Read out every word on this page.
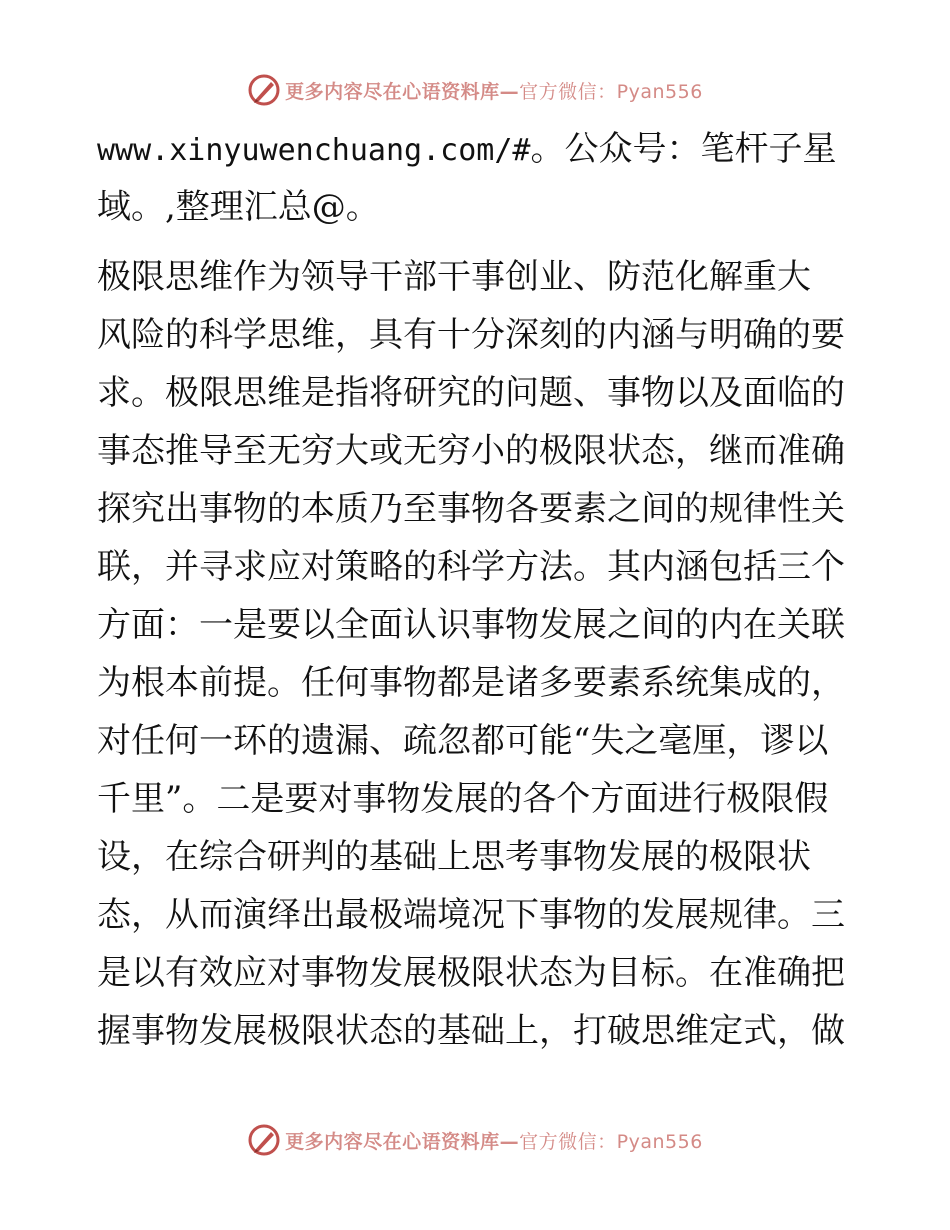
更多内容尽在心语资料库—官方微信：Pyan556
www.xinyuwenchuang.com/#。公众号：笔杆子星
域。,整理汇总@。
极限思维作为领导干部干事创业、防范化解重大
风险的科学思维，具有十分深刻的内涵与明确的要
求。极限思维是指将研究的问题、事物以及面临的
事态推导至无穷大或无穷小的极限状态，继而准确
探究出事物的本质乃至事物各要素之间的规律性关
联，并寻求应对策略的科学方法。其内涵包括三个
方面：一是要以全面认识事物发展之间的内在关联
为根本前提。任何事物都是诸多要素系统集成的，
对任何一环的遗漏、疏忽都可能“失之毫厘，谬以
千里”。二是要对事物发展的各个方面进行极限假
设，在综合研判的基础上思考事物发展的极限状
态，从而演绎出最极端境况下事物的发展规律。三
是以有效应对事物发展极限状态为目标。在准确把
握事物发展极限状态的基础上，打破思维定式，做
更多内容尽在心语资料库—官方微信：Pyan556
